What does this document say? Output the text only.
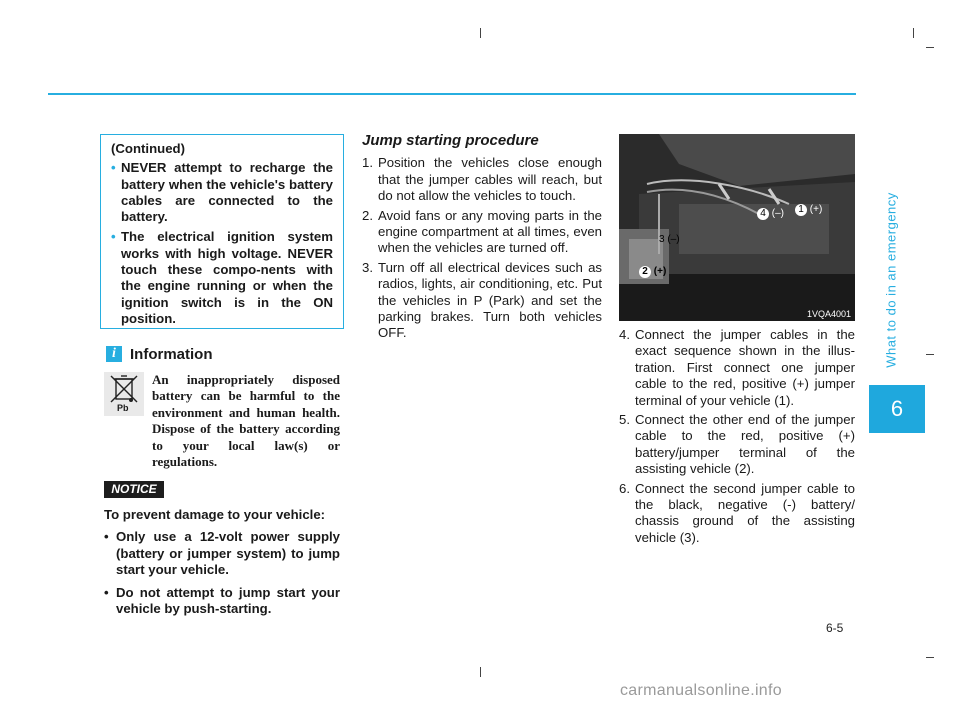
What to do in an emergency
6
(Continued)
• NEVER attempt to recharge the battery when the vehicle's battery cables are connected to the battery.
• The electrical ignition system works with high voltage. NEVER touch these compo-nents with the engine running or when the ignition switch is in the ON position.
i Information
Pb
An inappropriately disposed battery can be harmful to the environment and human health. Dispose of the battery according to your local law(s) or regulations.
NOTICE

To prevent damage to your vehicle:

• Only use a 12-volt power supply (battery or jumper system) to jump start your vehicle.
• Do not attempt to jump start your vehicle by push-starting.
Jump starting procedure
1. Position the vehicles close enough that the jumper cables will reach, but do not allow the vehicles to touch.
2. Avoid fans or any moving parts in the engine compartment at all times, even when the vehicles are turned off.
3. Turn off all electrical devices such as radios, lights, air conditioning, etc. Put the vehicles in P (Park) and set the parking brakes. Turn both vehicles OFF.
1 (+)
4 (–)
3 (–)
2 (+)
1VQA4001
4. Connect the jumper cables in the exact sequence shown in the illus-tration. First connect one jumper cable to the red, positive (+) jumper terminal of your vehicle (1).
5. Connect the other end of the jumper cable to the red, positive (+) battery/jumper terminal of the assisting vehicle (2).
6. Connect the second jumper cable to the black, negative (-) battery/ chassis ground of the assisting vehicle (3).
6-5
carmanualsonline.info
